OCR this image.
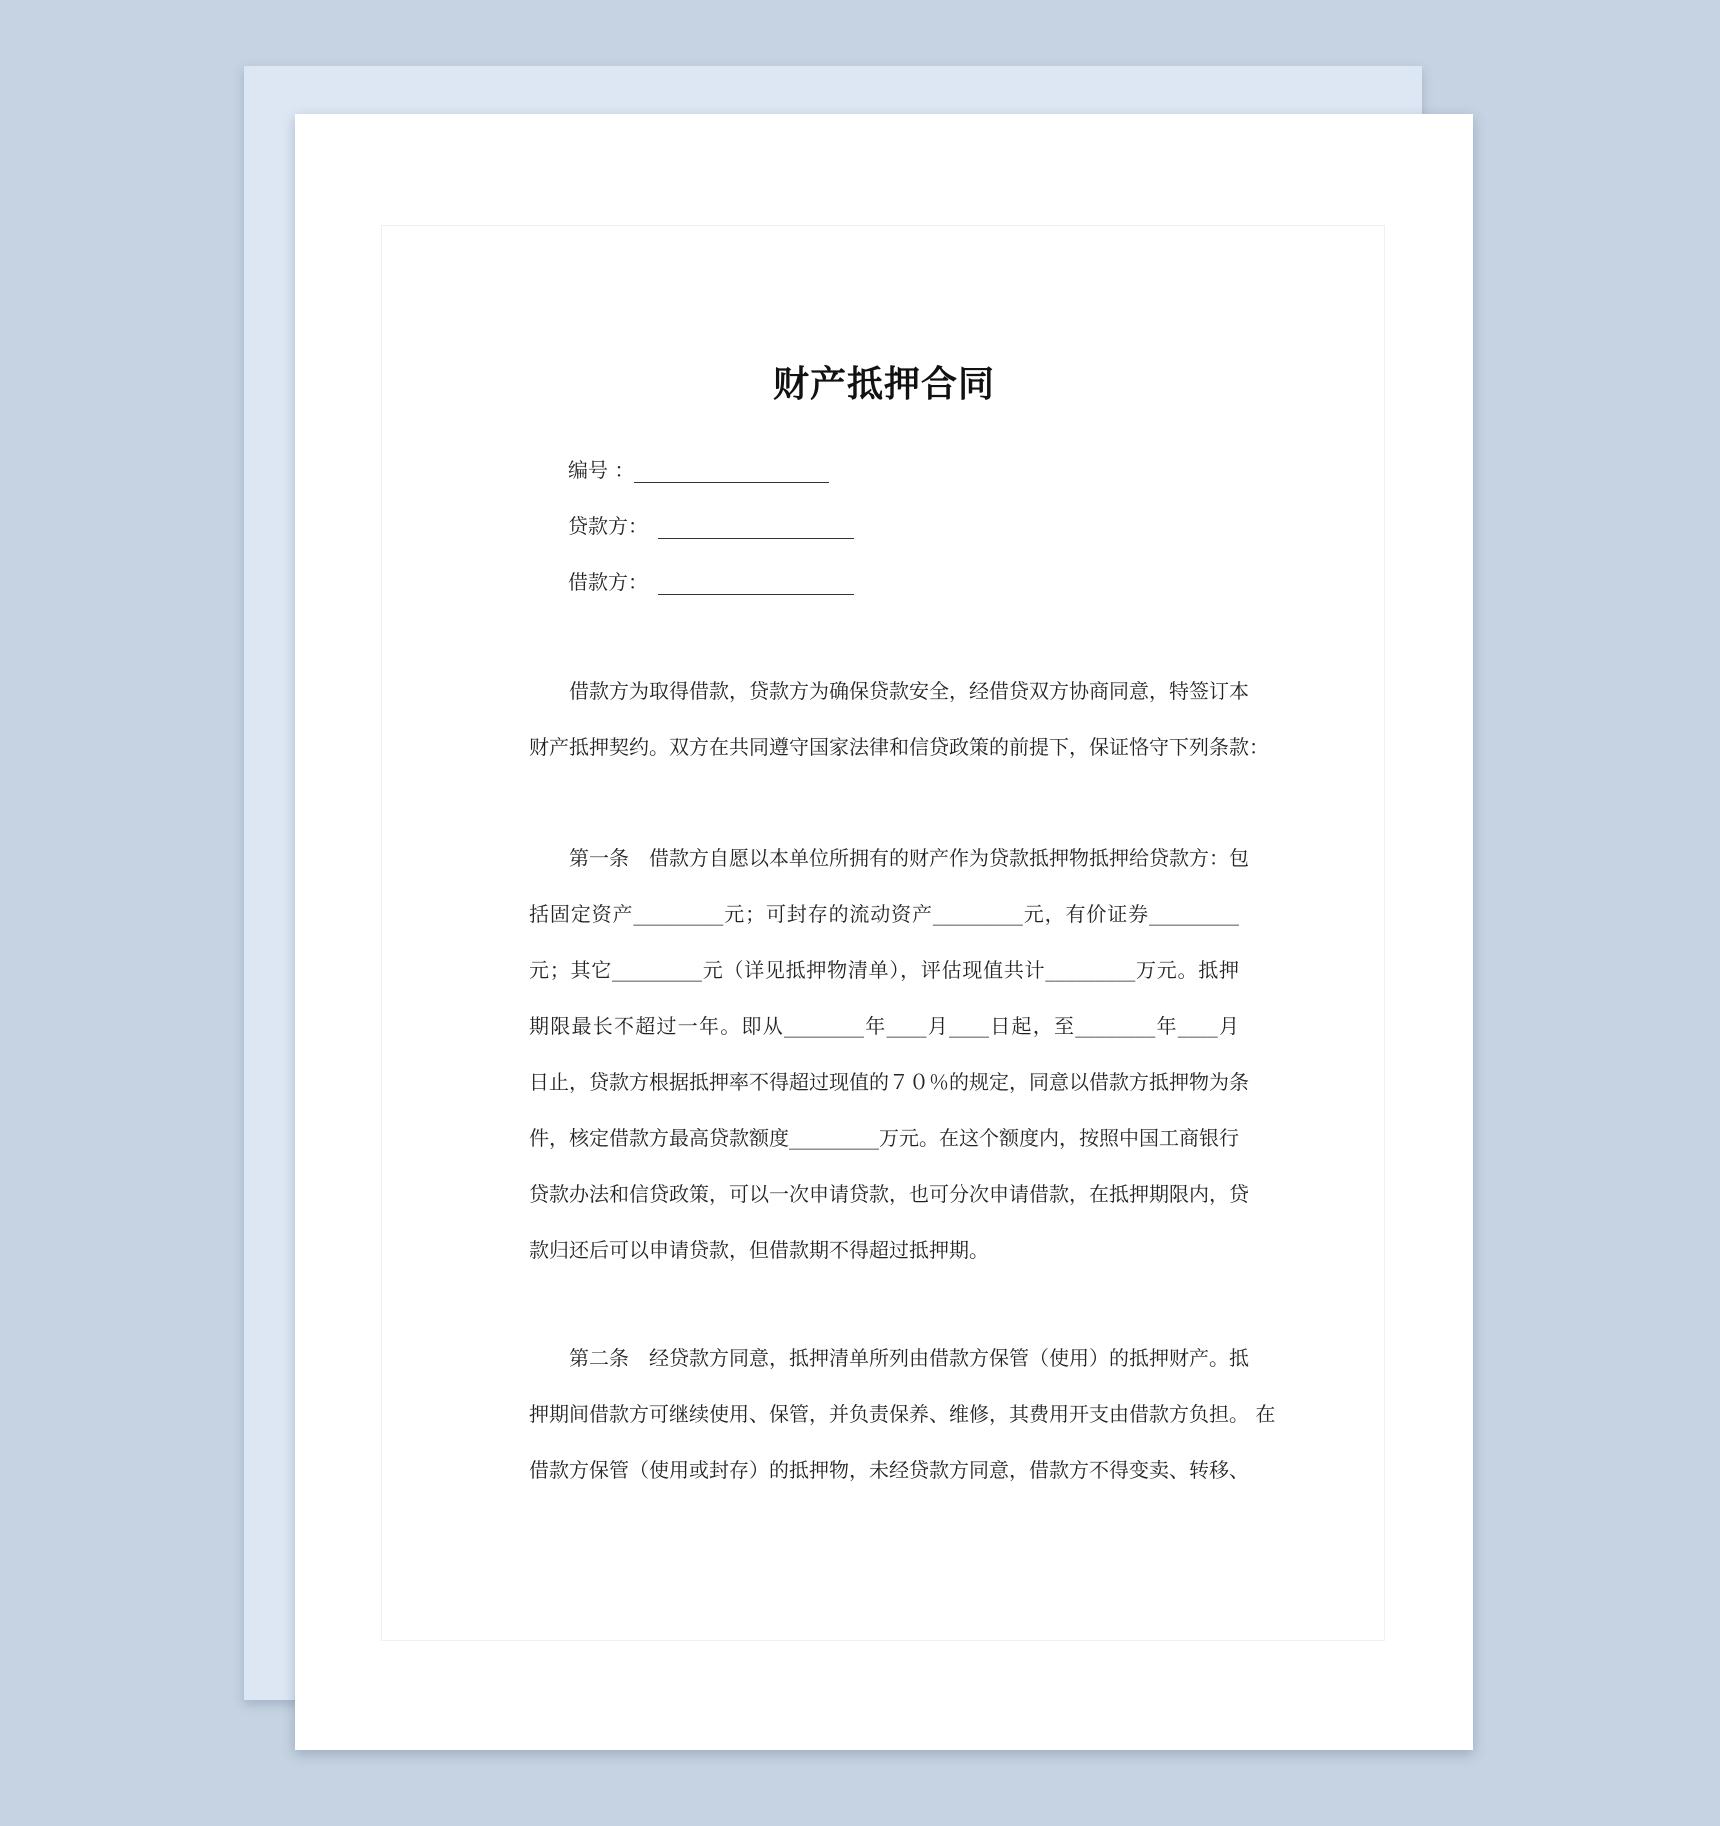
财产抵押合同
编号 ：
贷款方：
借款方：
借款方为取得借款，贷款方为确保贷款安全，经借贷双方协商同意，特签订本
财产抵押契约。双方在共同遵守国家法律和信贷政策的前提下，保证恪守下列条款：
第一条　借款方自愿以本单位所拥有的财产作为贷款抵押物抵押给贷款方：包
括固定资产_________元；可封存的流动资产_________元，有价证券_________
元；其它_________元（详见抵押物清单），评估现值共计_________万元。抵押
期限最长不超过一年。即从________年____月____日起，至________年____月
日止，贷款方根据抵押率不得超过现值的７０％的规定，同意以借款方抵押物为条
件，核定借款方最高贷款额度_________万元。在这个额度内，按照中国工商银行
贷款办法和信贷政策，可以一次申请贷款，也可分次申请借款，在抵押期限内，贷
款归还后可以申请贷款，但借款期不得超过抵押期。
第二条　经贷款方同意，抵押清单所列由借款方保管（使用）的抵押财产。抵
押期间借款方可继续使用、保管，并负责保养、维修，其费用开支由借款方负担。 在
借款方保管（使用或封存）的抵押物，未经贷款方同意，借款方不得变卖、转移、
